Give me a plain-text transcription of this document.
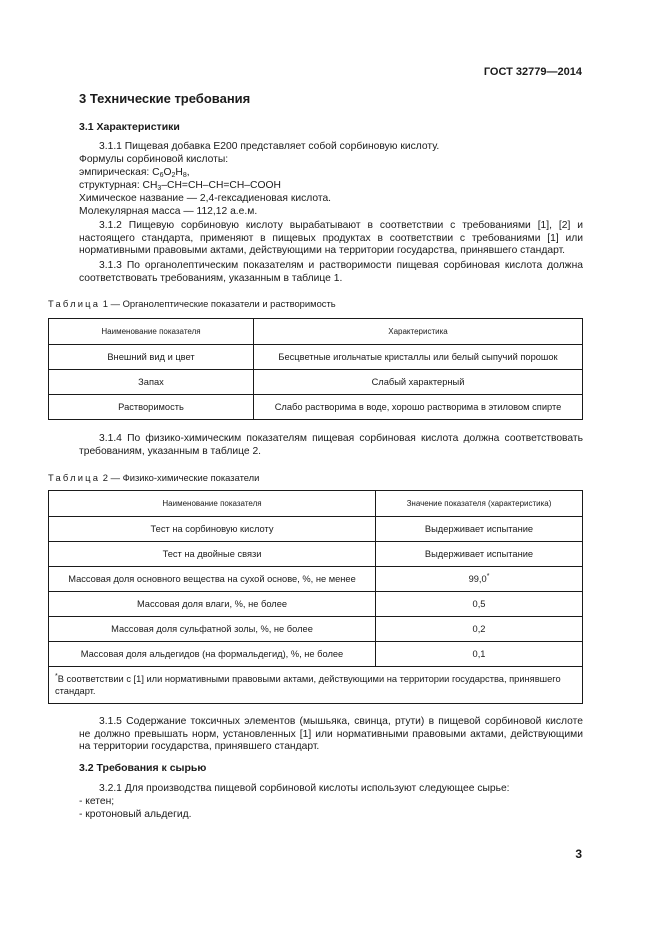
ГОСТ 32779—2014
3 Технические требования
3.1 Характеристики
3.1.1 Пищевая добавка Е200 представляет собой сорбиновую кислоту.
Формулы сорбиновой кислоты:
эмпирическая: $C_6O_2H_8$,
структурная: $CH_3-CH=CH-CH=CH$–COOH
Химическое название — 2,4-гексадиеновая кислота.
Молекулярная масса — 112,12 а.е.м.
3.1.2 Пищевую сорбиновую кислоту вырабатывают в соответствии с требованиями [1], [2] и настоящего стандарта, применяют в пищевых продуктах в соответствии с требованиями [1] или нормативными правовыми актами, действующими на территории государства, принявшего стандарт.
3.1.3 По органолептическим показателям и растворимости пищевая сорбиновая кислота должна соответствовать требованиям, указанным в таблице 1.
Таблица 1 — Органолептические показатели и растворимость
Наименование показателя	Характеристика
Внешний вид и цвет	Бесцветные игольчатые кристаллы или белый сыпучий порошок
Запах	Слабый характерный
Растворимость	Слабо растворима в воде, хорошо растворима в этиловом спирте
3.1.4 По физико-химическим показателям пищевая сорбиновая кислота должна соответствовать требованиям, указанным в таблице 2.
Таблица 2 — Физико-химические показатели
Наименование показателя	Значение показателя (характеристика)
Тест на сорбиновую кислоту	Выдерживает испытание
Тест на двойные связи	Выдерживает испытание
Массовая доля основного вещества на сухой основе, %, не менее	99,0*
Массовая доля влаги, %, не более	0,5
Массовая доля сульфатной золы, %, не более	0,2
Массовая доля альдегидов (на формальдегид), %, не более	0,1
*В соответствии с [1] или нормативными правовыми актами, действующими на территории государства, принявшего стандарт.	
3.1.5 Содержание токсичных элементов (мышьяка, свинца, ртути) в пищевой сорбиновой кислоте не должно превышать норм, установленных [1] или нормативными правовыми актами, действующими на территории государства, принявшего стандарт.
3.2 Требования к сырью
3.2.1 Для производства пищевой сорбиновой кислоты используют следующее сырье:
- кетен;
- кротоновый альдегид.
3
